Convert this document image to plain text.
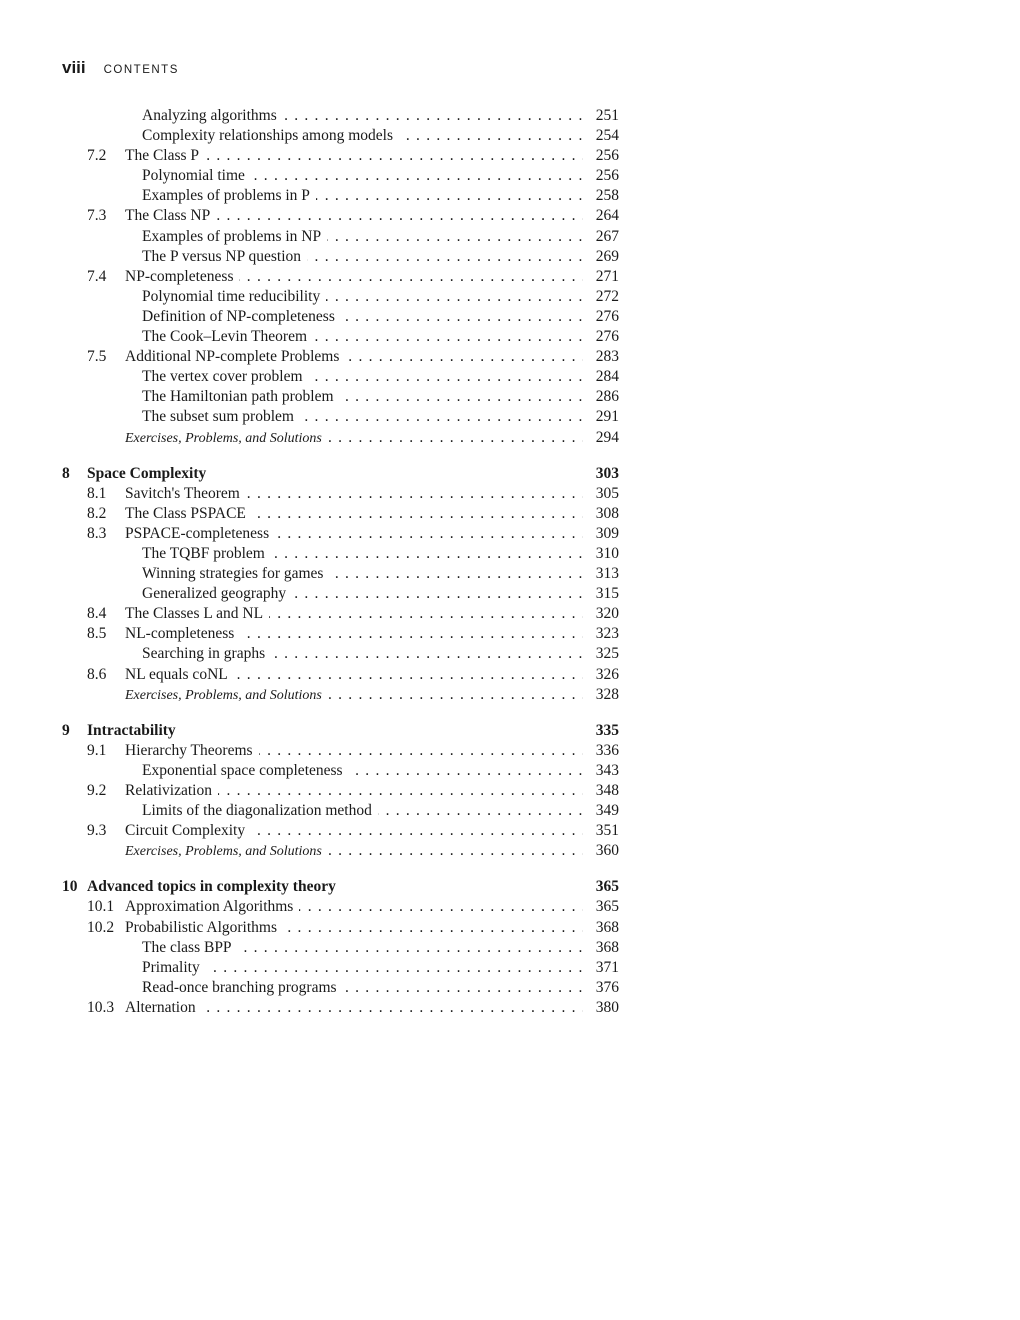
viii CONTENTS
Analyzing algorithms . . .	251
Complexity relationships among models . . .	254
7.2 The Class P . . .	256
Polynomial time . . .	256
Examples of problems in P . . .	258
7.3 The Class NP . . .	264
Examples of problems in NP . . .	267
The P versus NP question . . .	269
7.4 NP-completeness . . .	271
Polynomial time reducibility . . .	272
Definition of NP-completeness . . .	276
The Cook–Levin Theorem . . .	276
7.5 Additional NP-complete Problems . . .	283
The vertex cover problem . . .	284
The Hamiltonian path problem . . .	286
The subset sum problem . . .	291
Exercises, Problems, and Solutions . . .	294
8 Space Complexity	303
8.1 Savitch's Theorem . . .	305
8.2 The Class PSPACE . . .	308
8.3 PSPACE-completeness . . .	309
The TQBF problem . . .	310
Winning strategies for games . . .	313
Generalized geography . . .	315
8.4 The Classes L and NL . . .	320
8.5 NL-completeness . . .	323
Searching in graphs . . .	325
8.6 NL equals coNL . . .	326
Exercises, Problems, and Solutions . . .	328
9 Intractability	335
9.1 Hierarchy Theorems . . .	336
Exponential space completeness . . .	343
9.2 Relativization . . .	348
Limits of the diagonalization method . . .	349
9.3 Circuit Complexity . . .	351
Exercises, Problems, and Solutions . . .	360
10 Advanced topics in complexity theory	365
10.1 Approximation Algorithms . . .	365
10.2 Probabilistic Algorithms . . .	368
The class BPP . . .	368
Primality . . .	371
Read-once branching programs . . .	376
10.3 Alternation . . .	380
